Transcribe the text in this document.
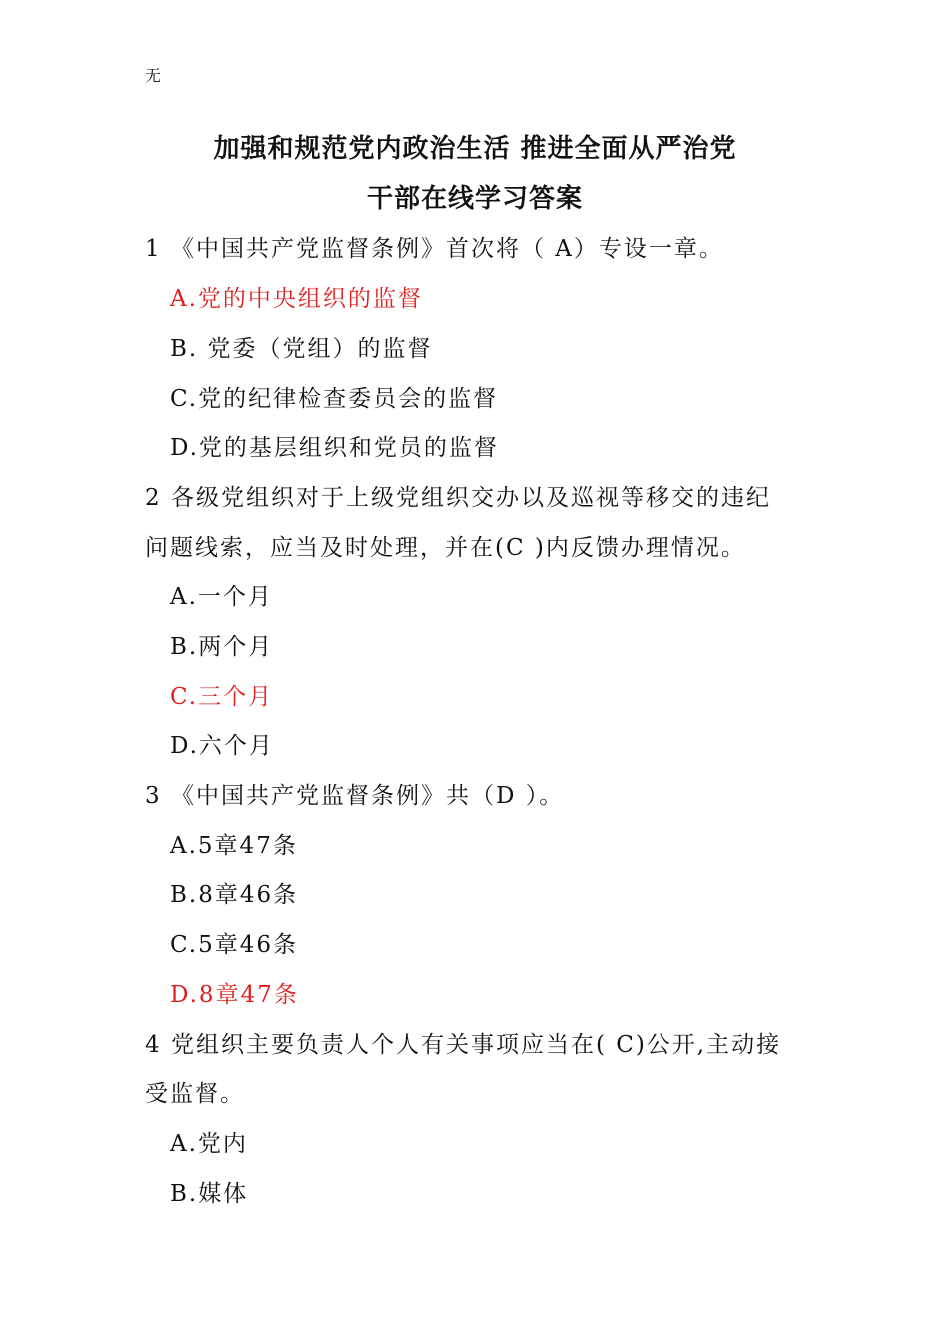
无
加强和规范党内政治生活 推进全面从严治党
干部在线学习答案
1 《中国共产党监督条例》首次将（ A）专设一章。
A.党的中央组织的监督
B. 党委（党组）的监督
C.党的纪律检查委员会的监督
D.党的基层组织和党员的监督
2 各级党组织对于上级党组织交办以及巡视等移交的违纪
问题线索，应当及时处理，并在(C )内反馈办理情况。
A.一个月
B.两个月
C.三个月
D.六个月
3 《中国共产党监督条例》共（D ）。
A.5章47条
B.8章46条
C.5章46条
D.8章47条
4 党组织主要负责人个人有关事项应当在( C)公开,主动接
受监督。
A.党内
B.媒体
